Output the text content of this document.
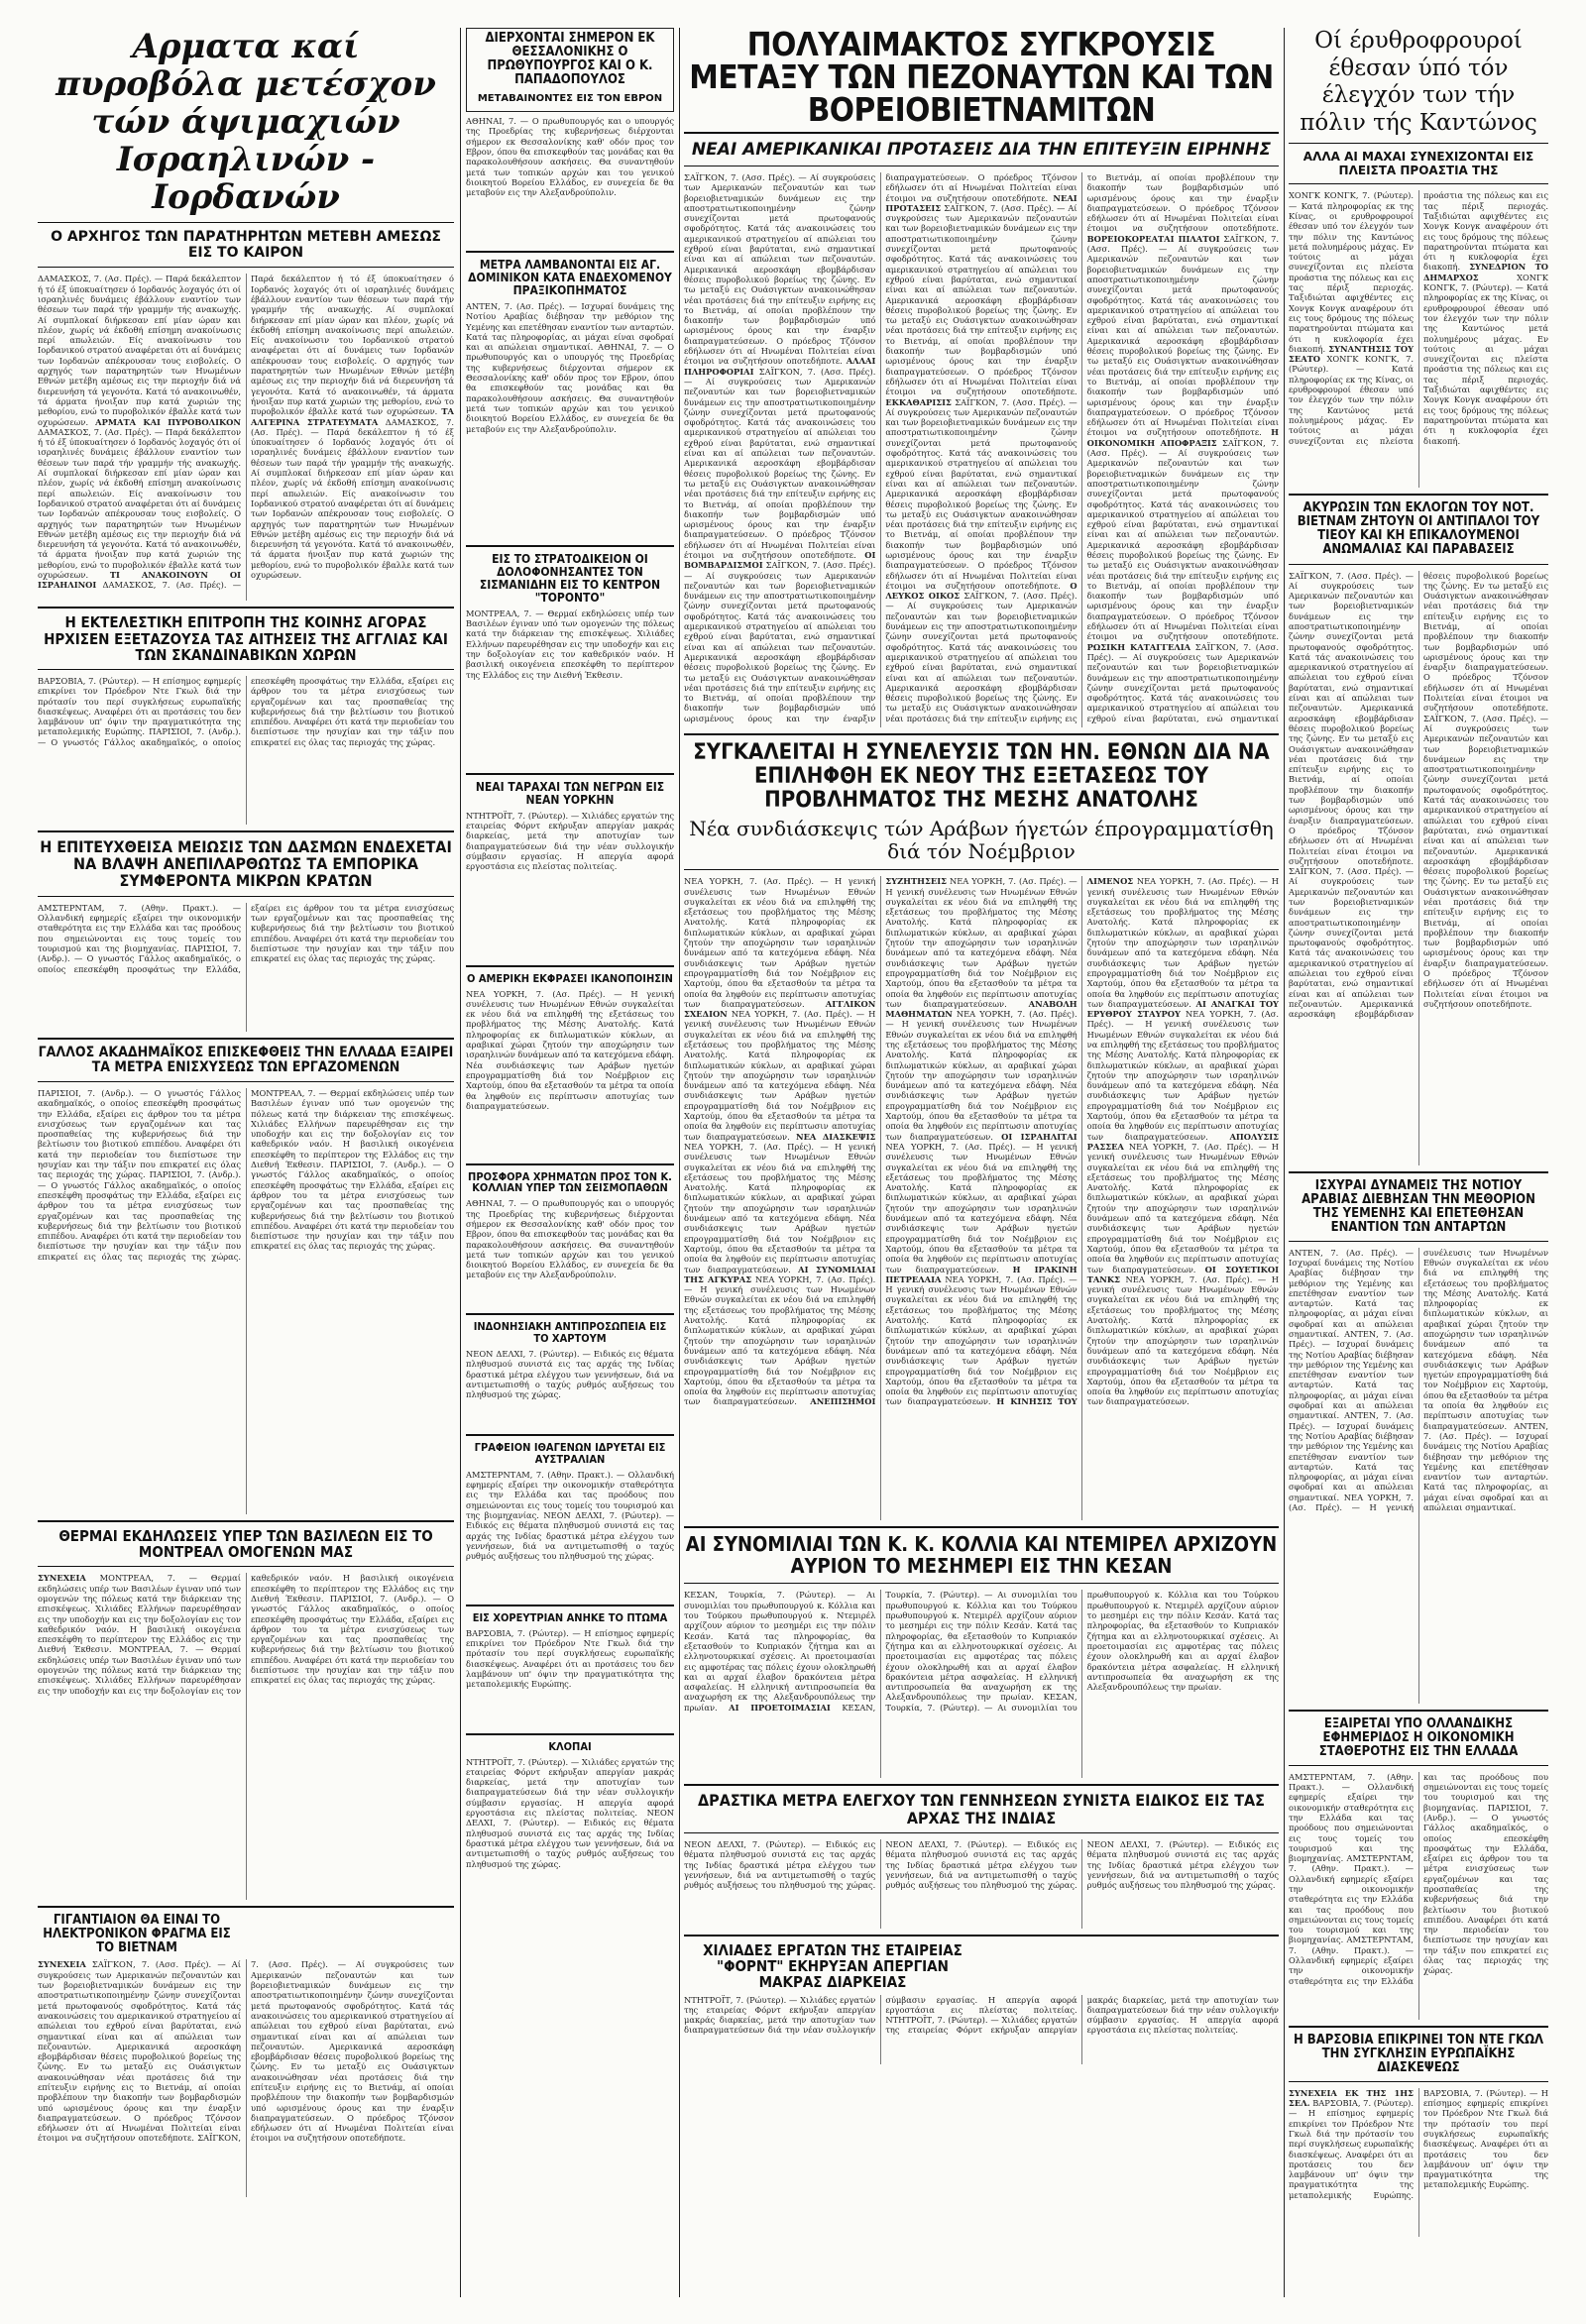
Αρματα καί πυροβόλα μετέσχον τών άψιμαχιών Ισραηλινών - Ιορδανών
Ο ΑΡΧΗΓΟΣ ΤΩΝ ΠΑΡΑΤΗΡΗΤΩΝ ΜΕΤΕΒΗ ΑΜΕΣΩΣ ΕΙΣ ΤΟ ΚΑΙΡΟΝ
ΔΑΜΑΣΚΟΣ, 7. (Ασ. Πρές). — Παρά δεκάλεπτον ή τό έξ ύποκυαίτησεν ό Ιορδανός λοχαγός ότι οί ισραηλινές δυνάμεις έβάλλουν εναντίον των θέσεων των παρά τήν γραμμήν τής ανακωχής. Αί συμπλοκαί διήρκεσαν επί μίαν ώραν και πλέον, χωρίς νά έκδοθή επίσημη ανακοίνωσις περί απωλειών. Είς ανακοίνωσιν του Ιορδανικού στρατού αναφέρεται ότι αί δυνάμεις των Ιορδανών απέκρουσαν τους εισβολείς. Ο αρχηγός των παρατηρητών των Ηνωμένων Εθνών μετέβη αμέσως εις την περιοχήν διά νά διερευνήση τά γεγονότα. Κατά τό ανακοινωθέν, τά άρματα ήνοιξαν πυρ κατά χωριών της μεθορίου, ενώ το πυροβολικόν έβαλλε κατά των οχυρώσεων. ΑΡΜΑΤΑ ΚΑΙ ΠΥΡΟΒΟΛΙΚΟΝ ΔΑΜΑΣΚΟΣ, 7. (Ασ. Πρές). — Παρά δεκάλεπτον ή τό έξ ύποκυαίτησεν ό Ιορδανός λοχαγός ότι οί ισραηλινές δυνάμεις έβάλλουν εναντίον των θέσεων των παρά τήν γραμμήν τής ανακωχής. Αί συμπλοκαί διήρκεσαν επί μίαν ώραν και πλέον, χωρίς νά έκδοθή επίσημη ανακοίνωσις περί απωλειών. Είς ανακοίνωσιν του Ιορδανικού στρατού αναφέρεται ότι αί δυνάμεις των Ιορδανών απέκρουσαν τους εισβολείς. Ο αρχηγός των παρατηρητών των Ηνωμένων Εθνών μετέβη αμέσως εις την περιοχήν διά νά διερευνήση τά γεγονότα. Κατά τό ανακοινωθέν, τά άρματα ήνοιξαν πυρ κατά χωριών της μεθορίου, ενώ το πυροβολικόν έβαλλε κατά των οχυρώσεων.	ΤΙ ΑΝΑΚΟΙΝΟΥΝ ΟΙ ΙΣΡΑΗΛΙΝΟΙ ΔΑΜΑΣΚΟΣ, 7. (Ασ. Πρές). — Παρά δεκάλεπτον ή τό έξ ύποκυαίτησεν ό Ιορδανός λοχαγός ότι οί ισραηλινές δυνάμεις έβάλλουν εναντίον των θέσεων των παρά τήν γραμμήν τής ανακωχής. Αί συμπλοκαί διήρκεσαν επί μίαν ώραν και πλέον, χωρίς νά έκδοθή επίσημη ανακοίνωσις περί απωλειών. Είς ανακοίνωσιν του Ιορδανικού στρατού αναφέρεται ότι αί δυνάμεις των Ιορδανών απέκρουσαν τους εισβολείς. Ο αρχηγός των παρατηρητών των Ηνωμένων Εθνών μετέβη αμέσως εις την περιοχήν διά νά διερευνήση τά γεγονότα. Κατά τό ανακοινωθέν, τά άρματα ήνοιξαν πυρ κατά χωριών της μεθορίου, ενώ το πυροβολικόν έβαλλε κατά των οχυρώσεων. ΤΑ ΑΛΓΕΡΙΝΑ ΣΤΡΑΤΕΥΜΑΤΑ ΔΑΜΑΣΚΟΣ, 7. (Ασ. Πρές). — Παρά δεκάλεπτον ή τό έξ ύποκυαίτησεν ό Ιορδανός λοχαγός ότι οί ισραηλινές δυνάμεις έβάλλουν εναντίον των θέσεων των παρά τήν γραμμήν τής ανακωχής. Αί συμπλοκαί διήρκεσαν επί μίαν ώραν και πλέον, χωρίς νά έκδοθή επίσημη ανακοίνωσις περί απωλειών. Είς ανακοίνωσιν του Ιορδανικού στρατού αναφέρεται ότι αί δυνάμεις των Ιορδανών απέκρουσαν τους εισβολείς. Ο αρχηγός των παρατηρητών των Ηνωμένων Εθνών μετέβη αμέσως εις την περιοχήν διά νά διερευνήση τά γεγονότα. Κατά τό ανακοινωθέν, τά άρματα ήνοιξαν πυρ κατά χωριών της μεθορίου, ενώ το πυροβολικόν έβαλλε κατά των οχυρώσεων.
Η ΕΚΤΕΛΕΣΤΙΚΗ ΕΠΙΤΡΟΠΗ ΤΗΣ ΚΟΙΝΗΣ ΑΓΟΡΑΣ ΗΡΧΙΣΕΝ ΕΞΕΤΑΖΟΥΣΑ ΤΑΣ ΑΙΤΗΣΕΙΣ ΤΗΣ ΑΓΓΛΙΑΣ ΚΑΙ ΤΩΝ ΣΚΑΝΔΙΝΑΒΙΚΩΝ ΧΩΡΩΝ
ΒΑΡΣΟΒΙΑ, 7. (Ρώυτερ). — Η επίσημος εφημερίς επικρίνει τον Πρόεδρον Ντε Γκωλ διά την πρότασίν του περί συγκλήσεως ευρωπαϊκής διασκέψεως. Αναφέρει ότι αι προτάσεις του δεν λαμβάνουν υπ' όψιν την πραγματικότητα της μεταπολεμικής Ευρώπης. ΠΑΡΙΣΙΟΙ, 7. (Ανδρ.). — Ο γνωστός Γάλλος ακαδημαϊκός, ο οποίος επεσκέφθη προσφάτως την Ελλάδα, εξαίρει εις άρθρον του τα μέτρα ενισχύσεως των εργαζομένων και τας προσπαθείας της κυβερνήσεως διά την βελτίωσιν του βιοτικού επιπέδου. Αναφέρει ότι κατά την περιοδείαν του διεπίστωσε την ησυχίαν και την τάξιν που επικρατεί εις όλας τας περιοχάς της χώρας.
Η ΕΠΙΤΕΥΧΘΕΙΣΑ ΜΕΙΩΣΙΣ ΤΩΝ ΔΑΣΜΩΝ ΕΝΔΕΧΕΤΑΙ ΝΑ ΒΛΑΨΗ ΑΝΕΠΙΛΑΡΘΩΤΩΣ ΤΑ ΕΜΠΟΡΙΚΑ ΣΥΜΦΕΡΟΝΤΑ ΜΙΚΡΩΝ ΚΡΑΤΩΝ
ΑΜΣΤΕΡΝΤΑΜ, 7. (Αθην. Πρακτ.). — Ολλανδική εφημερίς εξαίρει την οικονομικήν σταθερότητα εις την Ελλάδα και τας προόδους που σημειώνονται εις τους τομείς του τουρισμού και της βιομηχανίας. ΠΑΡΙΣΙΟΙ, 7. (Ανδρ.). — Ο γνωστός Γάλλος ακαδημαϊκός, ο οποίος επεσκέφθη προσφάτως την Ελλάδα, εξαίρει εις άρθρον του τα μέτρα ενισχύσεως των εργαζομένων και τας προσπαθείας της κυβερνήσεως διά την βελτίωσιν του βιοτικού επιπέδου. Αναφέρει ότι κατά την περιοδείαν του διεπίστωσε την ησυχίαν και την τάξιν που επικρατεί εις όλας τας περιοχάς της χώρας.
ΓΑΛΛΟΣ ΑΚΑΔΗΜΑΪΚΟΣ ΕΠΙΣΚΕΦΘΕΙΣ ΤΗΝ ΕΛΛΑΔΑ ΕΞΑΙΡΕΙ ΤΑ ΜΕΤΡΑ ΕΝΙΣΧΥΣΕΩΣ ΤΩΝ ΕΡΓΑΖΟΜΕΝΩΝ
ΠΑΡΙΣΙΟΙ, 7. (Ανδρ.). — Ο γνωστός Γάλλος ακαδημαϊκός, ο οποίος επεσκέφθη προσφάτως την Ελλάδα, εξαίρει εις άρθρον του τα μέτρα ενισχύσεως των εργαζομένων και τας προσπαθείας της κυβερνήσεως διά την βελτίωσιν του βιοτικού επιπέδου. Αναφέρει ότι κατά την περιοδείαν του διεπίστωσε την ησυχίαν και την τάξιν που επικρατεί εις όλας τας περιοχάς της χώρας. ΠΑΡΙΣΙΟΙ, 7. (Ανδρ.). — Ο γνωστός Γάλλος ακαδημαϊκός, ο οποίος επεσκέφθη προσφάτως την Ελλάδα, εξαίρει εις άρθρον του τα μέτρα ενισχύσεως των εργαζομένων και τας προσπαθείας της κυβερνήσεως διά την βελτίωσιν του βιοτικού επιπέδου. Αναφέρει ότι κατά την περιοδείαν του διεπίστωσε την ησυχίαν και την τάξιν που επικρατεί εις όλας τας περιοχάς της χώρας. ΜΟΝΤΡΕΑΛ, 7. — Θερμαί εκδηλώσεις υπέρ των Βασιλέων έγιναν υπό των ομογενών της πόλεως κατά την διάρκειαν της επισκέψεως. Χιλιάδες Ελλήνων παρευρέθησαν εις την υποδοχήν και εις την δοξολογίαν εις τον καθεδρικόν ναόν. Η βασιλική οικογένεια επεσκέφθη το περίπτερον της Ελλάδος εις την Διεθνή Έκθεσιν. ΠΑΡΙΣΙΟΙ, 7. (Ανδρ.). — Ο γνωστός Γάλλος ακαδημαϊκός, ο οποίος επεσκέφθη προσφάτως την Ελλάδα, εξαίρει εις άρθρον του τα μέτρα ενισχύσεως των εργαζομένων και τας προσπαθείας της κυβερνήσεως διά την βελτίωσιν του βιοτικού επιπέδου. Αναφέρει ότι κατά την περιοδείαν του διεπίστωσε την ησυχίαν και την τάξιν που επικρατεί εις όλας τας περιοχάς της χώρας.
ΘΕΡΜΑΙ ΕΚΔΗΛΩΣΕΙΣ ΥΠΕΡ ΤΩΝ ΒΑΣΙΛΕΩΝ ΕΙΣ ΤΟ ΜΟΝΤΡΕΑΛ ΟΜΟΓΕΝΩΝ ΜΑΣ
ΣΥΝΕΧΕΙΑ ΜΟΝΤΡΕΑΛ, 7. — Θερμαί εκδηλώσεις υπέρ των Βασιλέων έγιναν υπό των ομογενών της πόλεως κατά την διάρκειαν της επισκέψεως. Χιλιάδες Ελλήνων παρευρέθησαν εις την υποδοχήν και εις την δοξολογίαν εις τον καθεδρικόν ναόν. Η βασιλική οικογένεια επεσκέφθη το περίπτερον της Ελλάδος εις την Διεθνή Έκθεσιν. ΜΟΝΤΡΕΑΛ, 7. — Θερμαί εκδηλώσεις υπέρ των Βασιλέων έγιναν υπό των ομογενών της πόλεως κατά την διάρκειαν της επισκέψεως. Χιλιάδες Ελλήνων παρευρέθησαν εις την υποδοχήν και εις την δοξολογίαν εις τον καθεδρικόν ναόν. Η βασιλική οικογένεια επεσκέφθη το περίπτερον της Ελλάδος εις την Διεθνή Έκθεσιν. ΠΑΡΙΣΙΟΙ, 7. (Ανδρ.). — Ο γνωστός Γάλλος ακαδημαϊκός, ο οποίος επεσκέφθη προσφάτως την Ελλάδα, εξαίρει εις άρθρον του τα μέτρα ενισχύσεως των εργαζομένων και τας προσπαθείας της κυβερνήσεως διά την βελτίωσιν του βιοτικού επιπέδου. Αναφέρει ότι κατά την περιοδείαν του διεπίστωσε την ησυχίαν και την τάξιν που επικρατεί εις όλας τας περιοχάς της χώρας.
ΓΙΓΑΝΤΙΑΙΟΝ ΘΑ ΕΙΝΑΙ ΤΟ ΗΛΕΚΤΡΟΝΙΚΟΝ ΦΡΑΓΜΑ ΕΙΣ ΤΟ ΒΙΕΤΝΑΜ
ΣΥΝΕΧΕΙΑ ΣΑΪΓΚΟΝ, 7. (Ασσ. Πρές). — Αί συγκρούσεις των Αμερικανών πεζοναυτών και των βορειοβιετναμικών δυνάμεων εις την αποστρατιωτικοποιημένην ζώνην συνεχίζονται μετά πρωτοφανούς σφοδρότητος. Κατά τάς ανακοινώσεις του αμερικανικού στρατηγείου αί απώλειαι του εχθρού είναι βαρύταται, ενώ σημαντικαί είναι και αί απώλειαι των πεζοναυτών. Αμερικανικά αεροσκάφη εβομβάρδισαν θέσεις πυροβολικού βορείως της ζώνης. Εν τω μεταξύ εις Ουάσιγκτων ανακοινώθησαν νέαι προτάσεις διά την επίτευξιν ειρήνης εις το Βιετνάμ, αί οποίαι προβλέπουν την διακοπήν των βομβαρδισμών υπό ωρισμένους όρους και την έναρξιν διαπραγματεύσεων. Ο πρόεδρος Τζόνσον εδήλωσεν ότι αί Ηνωμέναι Πολιτείαι είναι έτοιμοι να συζητήσουν οποτεδήποτε. ΣΑΪΓΚΟΝ, 7. (Ασσ. Πρές). — Αί συγκρούσεις των Αμερικανών πεζοναυτών και των βορειοβιετναμικών δυνάμεων εις την αποστρατιωτικοποιημένην ζώνην συνεχίζονται μετά πρωτοφανούς σφοδρότητος. Κατά τάς ανακοινώσεις του αμερικανικού στρατηγείου αί απώλειαι του εχθρού είναι βαρύταται, ενώ σημαντικαί είναι και αί απώλειαι των πεζοναυτών. Αμερικανικά αεροσκάφη εβομβάρδισαν θέσεις πυροβολικού βορείως της ζώνης. Εν τω μεταξύ εις Ουάσιγκτων ανακοινώθησαν νέαι προτάσεις διά την επίτευξιν ειρήνης εις το Βιετνάμ, αί οποίαι προβλέπουν την διακοπήν των βομβαρδισμών υπό ωρισμένους όρους και την έναρξιν διαπραγματεύσεων. Ο πρόεδρος Τζόνσον εδήλωσεν ότι αί Ηνωμέναι Πολιτείαι είναι έτοιμοι να συζητήσουν οποτεδήποτε.
ΔΙΕΡΧΟΝΤΑΙ ΣΗΜΕΡΟΝ ΕΚ ΘΕΣΣΑΛΟΝΙΚΗΣ Ο ΠΡΩΘΥΠΟΥΡΓΟΣ ΚΑΙ Ο Κ. ΠΑΠΑΔΟΠΟΥΛΟΣ
ΜΕΤΑΒΑΙΝΟΝΤΕΣ ΕΙΣ ΤΟΝ ΕΒΡΟΝ
ΑΘΗΝΑΙ, 7. — Ο πρωθυπουργός και ο υπουργός της Προεδρίας της κυβερνήσεως διέρχονται σήμερον εκ Θεσσαλονίκης καθ' οδόν προς τον Εβρον, όπου θα επισκεφθούν τας μονάδας και θα παρακολουθήσουν ασκήσεις. Θα συναντηθούν μετά των τοπικών αρχών και του γενικού διοικητού Βορείου Ελλάδος, εν συνεχεία δε θα μεταβούν εις την Αλεξανδρούπολιν.
ΜΕΤΡΑ ΛΑΜΒΑΝΟΝΤΑΙ ΕΙΣ ΑΓ. ΔΟΜΙΝΙΚΟΝ ΚΑΤΑ ΕΝΔΕΧΟΜΕΝΟΥ ΠΡΑΞΙΚΟΠΗΜΑΤΟΣ
ΑΝΤΕΝ, 7. (Ασ. Πρές). — Ισχυραί δυνάμεις της Νοτίου Αραβίας διέβησαν την μεθόριον της Υεμένης και επετέθησαν εναντίον των ανταρτών. Κατά τας πληροφορίας, αι μάχαι είναι σφοδραί και αι απώλειαι σημαντικαί. ΑΘΗΝΑΙ, 7. — Ο πρωθυπουργός και ο υπουργός της Προεδρίας της κυβερνήσεως διέρχονται σήμερον εκ Θεσσαλονίκης καθ' οδόν προς τον Εβρον, όπου θα επισκεφθούν τας μονάδας και θα παρακολουθήσουν ασκήσεις. Θα συναντηθούν μετά των τοπικών αρχών και του γενικού διοικητού Βορείου Ελλάδος, εν συνεχεία δε θα μεταβούν εις την Αλεξανδρούπολιν.
ΕΙΣ ΤΟ ΣΤΡΑΤΟΔΙΚΕΙΟΝ ΟΙ ΔΟΛΟΦΟΝΗΣΑΝΤΕΣ ΤΟΝ ΣΙΣΜΑΝΙΔΗΝ ΕΙΣ ΤΟ ΚΕΝΤΡΟΝ "ΤΟΡΟΝΤΟ"
ΜΟΝΤΡΕΑΛ, 7. — Θερμαί εκδηλώσεις υπέρ των Βασιλέων έγιναν υπό των ομογενών της πόλεως κατά την διάρκειαν της επισκέψεως. Χιλιάδες Ελλήνων παρευρέθησαν εις την υποδοχήν και εις την δοξολογίαν εις τον καθεδρικόν ναόν. Η βασιλική οικογένεια επεσκέφθη το περίπτερον της Ελλάδος εις την Διεθνή Έκθεσιν.
ΝΕΑΙ ΤΑΡΑΧΑΙ ΤΩΝ ΝΕΓΡΩΝ ΕΙΣ ΝΕΑΝ ΥΟΡΚΗΝ
ΝΤΗΤΡΟΪΤ, 7. (Ρώυτερ). — Χιλιάδες εργατών της εταιρείας Φόρντ εκήρυξαν απεργίαν μακράς διαρκείας, μετά την αποτυχίαν των διαπραγματεύσεων διά την νέαν συλλογικήν σύμβασιν εργασίας. Η απεργία αφορά εργοστάσια εις πλείστας πολιτείας.
Ο ΑΜΕΡΙΚΗ ΕΚΦΡΑΣΕΙ ΙΚΑΝΟΠΟΙΗΣΙΝ
ΝΕΑ ΥΟΡΚΗ, 7. (Ασ. Πρές). — Η γενική συνέλευσις των Ηνωμένων Εθνών συγκαλείται εκ νέου διά να επιληφθή της εξετάσεως του προβλήματος της Μέσης Ανατολής. Κατά πληροφορίας εκ διπλωματικών κύκλων, αι αραβικαί χώραι ζητούν την αποχώρησιν των ισραηλινών δυνάμεων από τα κατεχόμενα εδάφη. Νέα συνδιάσκεψις των Αράβων ηγετών επρογραμματίσθη διά τον Νοέμβριον εις Χαρτούμ, όπου θα εξετασθούν τα μέτρα τα οποία θα ληφθούν εις περίπτωσιν αποτυχίας των διαπραγματεύσεων.
ΠΡΟΣΦΟΡΑ ΧΡΗΜΑΤΩΝ ΠΡΟΣ ΤΟΝ Κ. ΚΟΛΛΙΑΝ ΥΠΕΡ ΤΩΝ ΣΕΙΣΜΟΠΑΘΩΝ
ΑΘΗΝΑΙ, 7. — Ο πρωθυπουργός και ο υπουργός της Προεδρίας της κυβερνήσεως διέρχονται σήμερον εκ Θεσσαλονίκης καθ' οδόν προς τον Εβρον, όπου θα επισκεφθούν τας μονάδας και θα παρακολουθήσουν ασκήσεις. Θα συναντηθούν μετά των τοπικών αρχών και του γενικού διοικητού Βορείου Ελλάδος, εν συνεχεία δε θα μεταβούν εις την Αλεξανδρούπολιν.
ΙΝΔΟΝΗΣΙΑΚΗ ΑΝΤΙΠΡΟΣΩΠΕΙΑ ΕΙΣ ΤΟ ΧΑΡΤΟΥΜ
ΝΕΟΝ ΔΕΛΧΙ, 7. (Ρώυτερ). — Ειδικός εις θέματα πληθυσμού συνιστά εις τας αρχάς της Ινδίας δραστικά μέτρα ελέγχου των γεννήσεων, διά να αντιμετωπισθή ο ταχύς ρυθμός αυξήσεως του πληθυσμού της χώρας.
ΓΡΑΦΕΙΟΝ ΙΘΑΓΕΝΩΝ ΙΔΡΥΕΤΑΙ ΕΙΣ ΑΥΣΤΡΑΛΙΑΝ
ΑΜΣΤΕΡΝΤΑΜ, 7. (Αθην. Πρακτ.). — Ολλανδική εφημερίς εξαίρει την οικονομικήν σταθερότητα εις την Ελλάδα και τας προόδους που σημειώνονται εις τους τομείς του τουρισμού και της βιομηχανίας. ΝΕΟΝ ΔΕΛΧΙ, 7. (Ρώυτερ). — Ειδικός εις θέματα πληθυσμού συνιστά εις τας αρχάς της Ινδίας δραστικά μέτρα ελέγχου των γεννήσεων, διά να αντιμετωπισθή ο ταχύς ρυθμός αυξήσεως του πληθυσμού της χώρας.
ΕΙΣ ΧΟΡΕΥΤΡΙΑΝ ΑΝΗΚΕ ΤΟ ΠΤΩΜΑ
ΒΑΡΣΟΒΙΑ, 7. (Ρώυτερ). — Η επίσημος εφημερίς επικρίνει τον Πρόεδρον Ντε Γκωλ διά την πρότασίν του περί συγκλήσεως ευρωπαϊκής διασκέψεως. Αναφέρει ότι αι προτάσεις του δεν λαμβάνουν υπ' όψιν την πραγματικότητα της μεταπολεμικής Ευρώπης.
ΚΛΟΠΑΙ
ΝΤΗΤΡΟΪΤ, 7. (Ρώυτερ). — Χιλιάδες εργατών της εταιρείας Φόρντ εκήρυξαν απεργίαν μακράς διαρκείας, μετά την αποτυχίαν των διαπραγματεύσεων διά την νέαν συλλογικήν σύμβασιν εργασίας. Η απεργία αφορά εργοστάσια εις πλείστας πολιτείας. ΝΕΟΝ ΔΕΛΧΙ, 7. (Ρώυτερ). — Ειδικός εις θέματα πληθυσμού συνιστά εις τας αρχάς της Ινδίας δραστικά μέτρα ελέγχου των γεννήσεων, διά να αντιμετωπισθή ο ταχύς ρυθμός αυξήσεως του πληθυσμού της χώρας.
ΠΟΛΥΑΙΜΑΚΤΟΣ ΣΥΓΚΡΟΥΣΙΣ ΜΕΤΑΞΥ ΤΩΝ ΠΕΖΟΝΑΥΤΩΝ ΚΑΙ ΤΩΝ ΒΟΡΕΙΟΒΙΕΤΝΑΜΙΤΩΝ
ΝΕΑΙ ΑΜΕΡΙΚΑΝΙΚΑΙ ΠΡΟΤΑΣΕΙΣ ΔΙΑ ΤΗΝ ΕΠΙΤΕΥΞΙΝ ΕΙΡΗΝΗΣ
ΣΑΪΓΚΟΝ, 7. (Ασσ. Πρές). — Αί συγκρούσεις των Αμερικανών πεζοναυτών και των βορειοβιετναμικών δυνάμεων εις την αποστρατιωτικοποιημένην ζώνην συνεχίζονται μετά πρωτοφανούς σφοδρότητος. Κατά τάς ανακοινώσεις του αμερικανικού στρατηγείου αί απώλειαι του εχθρού είναι βαρύταται, ενώ σημαντικαί είναι και αί απώλειαι των πεζοναυτών. Αμερικανικά αεροσκάφη εβομβάρδισαν θέσεις πυροβολικού βορείως της ζώνης. Εν τω μεταξύ εις Ουάσιγκτων ανακοινώθησαν νέαι προτάσεις διά την επίτευξιν ειρήνης εις το Βιετνάμ, αί οποίαι προβλέπουν την διακοπήν των βομβαρδισμών υπό ωρισμένους όρους και την έναρξιν διαπραγματεύσεων. Ο πρόεδρος Τζόνσον εδήλωσεν ότι αί Ηνωμέναι Πολιτείαι είναι έτοιμοι να συζητήσουν οποτεδήποτε. ΑΛΛΑΙ ΠΛΗΡΟΦΟΡΙΑΙ ΣΑΪΓΚΟΝ, 7. (Ασσ. Πρές). — Αί συγκρούσεις των Αμερικανών πεζοναυτών και των βορειοβιετναμικών δυνάμεων εις την αποστρατιωτικοποιημένην ζώνην συνεχίζονται μετά πρωτοφανούς σφοδρότητος. Κατά τάς ανακοινώσεις του αμερικανικού στρατηγείου αί απώλειαι του εχθρού είναι βαρύταται, ενώ σημαντικαί είναι και αί απώλειαι των πεζοναυτών. Αμερικανικά αεροσκάφη εβομβάρδισαν θέσεις πυροβολικού βορείως της ζώνης. Εν τω μεταξύ εις Ουάσιγκτων ανακοινώθησαν νέαι προτάσεις διά την επίτευξιν ειρήνης εις το Βιετνάμ, αί οποίαι προβλέπουν την διακοπήν των βομβαρδισμών υπό ωρισμένους όρους και την έναρξιν διαπραγματεύσεων. Ο πρόεδρος Τζόνσον εδήλωσεν ότι αί Ηνωμέναι Πολιτείαι είναι έτοιμοι να συζητήσουν οποτεδήποτε. ΟΙ ΒΟΜΒΑΡΔΙΣΜΟΙ ΣΑΪΓΚΟΝ, 7. (Ασσ. Πρές). — Αί συγκρούσεις των Αμερικανών πεζοναυτών και των βορειοβιετναμικών δυνάμεων εις την αποστρατιωτικοποιημένην ζώνην συνεχίζονται μετά πρωτοφανούς σφοδρότητος. Κατά τάς ανακοινώσεις του αμερικανικού στρατηγείου αί απώλειαι του εχθρού είναι βαρύταται, ενώ σημαντικαί είναι και αί απώλειαι των πεζοναυτών. Αμερικανικά αεροσκάφη εβομβάρδισαν θέσεις πυροβολικού βορείως της ζώνης. Εν τω μεταξύ εις Ουάσιγκτων ανακοινώθησαν νέαι προτάσεις διά την επίτευξιν ειρήνης εις το Βιετνάμ, αί οποίαι προβλέπουν την διακοπήν των βομβαρδισμών υπό ωρισμένους όρους και την έναρξιν διαπραγματεύσεων. Ο πρόεδρος Τζόνσον εδήλωσεν ότι αί Ηνωμέναι Πολιτείαι είναι έτοιμοι να συζητήσουν οποτεδήποτε. ΝΕΑΙ ΠΡΟΤΑΣΕΙΣ ΣΑΪΓΚΟΝ, 7. (Ασσ. Πρές). — Αί συγκρούσεις των Αμερικανών πεζοναυτών και των βορειοβιετναμικών δυνάμεων εις την αποστρατιωτικοποιημένην ζώνην συνεχίζονται μετά πρωτοφανούς σφοδρότητος. Κατά τάς ανακοινώσεις του αμερικανικού στρατηγείου αί απώλειαι του εχθρού είναι βαρύταται, ενώ σημαντικαί είναι και αί απώλειαι των πεζοναυτών. Αμερικανικά αεροσκάφη εβομβάρδισαν θέσεις πυροβολικού βορείως της ζώνης. Εν τω μεταξύ εις Ουάσιγκτων ανακοινώθησαν νέαι προτάσεις διά την επίτευξιν ειρήνης εις το Βιετνάμ, αί οποίαι προβλέπουν την διακοπήν των βομβαρδισμών υπό ωρισμένους όρους και την έναρξιν διαπραγματεύσεων. Ο πρόεδρος Τζόνσον εδήλωσεν ότι αί Ηνωμέναι Πολιτείαι είναι έτοιμοι να συζητήσουν οποτεδήποτε. ΕΚΚΑΘΑΡΙΣΙΣ ΣΑΪΓΚΟΝ, 7. (Ασσ. Πρές). — Αί συγκρούσεις των Αμερικανών πεζοναυτών και των βορειοβιετναμικών δυνάμεων εις την αποστρατιωτικοποιημένην ζώνην συνεχίζονται μετά πρωτοφανούς σφοδρότητος. Κατά τάς ανακοινώσεις του αμερικανικού στρατηγείου αί απώλειαι του εχθρού είναι βαρύταται, ενώ σημαντικαί είναι και αί απώλειαι των πεζοναυτών. Αμερικανικά αεροσκάφη εβομβάρδισαν θέσεις πυροβολικού βορείως της ζώνης. Εν τω μεταξύ εις Ουάσιγκτων ανακοινώθησαν νέαι προτάσεις διά την επίτευξιν ειρήνης εις το Βιετνάμ, αί οποίαι προβλέπουν την διακοπήν των βομβαρδισμών υπό ωρισμένους όρους και την έναρξιν διαπραγματεύσεων. Ο πρόεδρος Τζόνσον εδήλωσεν ότι αί Ηνωμέναι Πολιτείαι είναι έτοιμοι να συζητήσουν οποτεδήποτε. Ο ΛΕΥΚΟΣ ΟΙΚΟΣ ΣΑΪΓΚΟΝ, 7. (Ασσ. Πρές). — Αί συγκρούσεις των Αμερικανών πεζοναυτών και των βορειοβιετναμικών δυνάμεων εις την αποστρατιωτικοποιημένην ζώνην συνεχίζονται μετά πρωτοφανούς σφοδρότητος. Κατά τάς ανακοινώσεις του αμερικανικού στρατηγείου αί απώλειαι του εχθρού είναι βαρύταται, ενώ σημαντικαί είναι και αί απώλειαι των πεζοναυτών. Αμερικανικά αεροσκάφη εβομβάρδισαν θέσεις πυροβολικού βορείως της ζώνης. Εν τω μεταξύ εις Ουάσιγκτων ανακοινώθησαν νέαι προτάσεις διά την επίτευξιν ειρήνης εις το Βιετνάμ, αί οποίαι προβλέπουν την διακοπήν των βομβαρδισμών υπό ωρισμένους όρους και την έναρξιν διαπραγματεύσεων. Ο πρόεδρος Τζόνσον εδήλωσεν ότι αί Ηνωμέναι Πολιτείαι είναι έτοιμοι να συζητήσουν οποτεδήποτε. ΒΟΡΕΙΟΚΟΡΕΑΤΑΙ ΠΙΛΑΤΟΙ ΣΑΪΓΚΟΝ, 7. (Ασσ. Πρές). — Αί συγκρούσεις των Αμερικανών πεζοναυτών και των βορειοβιετναμικών δυνάμεων εις την αποστρατιωτικοποιημένην ζώνην συνεχίζονται μετά πρωτοφανούς σφοδρότητος. Κατά τάς ανακοινώσεις του αμερικανικού στρατηγείου αί απώλειαι του εχθρού είναι βαρύταται, ενώ σημαντικαί είναι και αί απώλειαι των πεζοναυτών. Αμερικανικά αεροσκάφη εβομβάρδισαν θέσεις πυροβολικού βορείως της ζώνης. Εν τω μεταξύ εις Ουάσιγκτων ανακοινώθησαν νέαι προτάσεις διά την επίτευξιν ειρήνης εις το Βιετνάμ, αί οποίαι προβλέπουν την διακοπήν των βομβαρδισμών υπό ωρισμένους όρους και την έναρξιν διαπραγματεύσεων. Ο πρόεδρος Τζόνσον εδήλωσεν ότι αί Ηνωμέναι Πολιτείαι είναι έτοιμοι να συζητήσουν οποτεδήποτε. Η ΟΙΚΟΝΟΜΙΚΗ ΑΠΟΦΡΑΞΙΣ ΣΑΪΓΚΟΝ, 7. (Ασσ. Πρές). — Αί συγκρούσεις των Αμερικανών πεζοναυτών και των βορειοβιετναμικών δυνάμεων εις την αποστρατιωτικοποιημένην ζώνην συνεχίζονται μετά πρωτοφανούς σφοδρότητος. Κατά τάς ανακοινώσεις του αμερικανικού στρατηγείου αί απώλειαι του εχθρού είναι βαρύταται, ενώ σημαντικαί είναι και αί απώλειαι των πεζοναυτών. Αμερικανικά αεροσκάφη εβομβάρδισαν θέσεις πυροβολικού βορείως της ζώνης. Εν τω μεταξύ εις Ουάσιγκτων ανακοινώθησαν νέαι προτάσεις διά την επίτευξιν ειρήνης εις το Βιετνάμ, αί οποίαι προβλέπουν την διακοπήν των βομβαρδισμών υπό ωρισμένους όρους και την έναρξιν διαπραγματεύσεων. Ο πρόεδρος Τζόνσον εδήλωσεν ότι αί Ηνωμέναι Πολιτείαι είναι έτοιμοι να συζητήσουν οποτεδήποτε. ΡΩΣΙΚΗ ΚΑΤΑΓΓΕΛΙΑ ΣΑΪΓΚΟΝ, 7. (Ασσ. Πρές). — Αί συγκρούσεις των Αμερικανών πεζοναυτών και των βορειοβιετναμικών δυνάμεων εις την αποστρατιωτικοποιημένην ζώνην συνεχίζονται μετά πρωτοφανούς σφοδρότητος. Κατά τάς ανακοινώσεις του αμερικανικού στρατηγείου αί απώλειαι του εχθρού είναι βαρύταται, ενώ σημαντικαί
ΣΥΓΚΑΛΕΙΤΑΙ Η ΣΥΝΕΛΕΥΣΙΣ ΤΩΝ ΗΝ. ΕΘΝΩΝ ΔΙΑ ΝΑ ΕΠΙΛΗΦΘΗ ΕΚ ΝΕΟΥ ΤΗΣ ΕΞΕΤΑΣΕΩΣ ΤΟΥ ΠΡΟΒΛΗΜΑΤΟΣ ΤΗΣ ΜΕΣΗΣ ΑΝΑΤΟΛΗΣ
Νέα συνδιάσκεψις τών Αράβων ήγετών έπρογραμματίσθη διά τόν Νοέμβριον
ΝΕΑ ΥΟΡΚΗ, 7. (Ασ. Πρές). — Η γενική συνέλευσις των Ηνωμένων Εθνών συγκαλείται εκ νέου διά να επιληφθή της εξετάσεως του προβλήματος της Μέσης Ανατολής. Κατά πληροφορίας εκ διπλωματικών κύκλων, αι αραβικαί χώραι ζητούν την αποχώρησιν των ισραηλινών δυνάμεων από τα κατεχόμενα εδάφη. Νέα συνδιάσκεψις των Αράβων ηγετών επρογραμματίσθη διά τον Νοέμβριον εις Χαρτούμ, όπου θα εξετασθούν τα μέτρα τα οποία θα ληφθούν εις περίπτωσιν αποτυχίας των διαπραγματεύσεων.	ΑΓΓΛΙΚΟΝ ΣΧΕΔΙΟΝ ΝΕΑ ΥΟΡΚΗ, 7. (Ασ. Πρές). — Η γενική συνέλευσις των Ηνωμένων Εθνών συγκαλείται εκ νέου διά να επιληφθή της εξετάσεως του προβλήματος της Μέσης Ανατολής. Κατά πληροφορίας εκ διπλωματικών κύκλων, αι αραβικαί χώραι ζητούν την αποχώρησιν των ισραηλινών δυνάμεων από τα κατεχόμενα εδάφη. Νέα συνδιάσκεψις των Αράβων ηγετών επρογραμματίσθη διά τον Νοέμβριον εις Χαρτούμ, όπου θα εξετασθούν τα μέτρα τα οποία θα ληφθούν εις περίπτωσιν αποτυχίας των διαπραγματεύσεων. ΝΕΑ ΔΙΑΣΚΕΨΙΣ ΝΕΑ ΥΟΡΚΗ, 7. (Ασ. Πρές). — Η γενική συνέλευσις των Ηνωμένων Εθνών συγκαλείται εκ νέου διά να επιληφθή της εξετάσεως του προβλήματος της Μέσης Ανατολής. Κατά πληροφορίας εκ διπλωματικών κύκλων, αι αραβικαί χώραι ζητούν την αποχώρησιν των ισραηλινών δυνάμεων από τα κατεχόμενα εδάφη. Νέα συνδιάσκεψις των Αράβων ηγετών επρογραμματίσθη διά τον Νοέμβριον εις Χαρτούμ, όπου θα εξετασθούν τα μέτρα τα οποία θα ληφθούν εις περίπτωσιν αποτυχίας των διαπραγματεύσεων. ΑΙ ΣΥΝΟΜΙΛΙΑΙ ΤΗΣ ΑΓΚΥΡΑΣ ΝΕΑ ΥΟΡΚΗ, 7. (Ασ. Πρές). — Η γενική συνέλευσις των Ηνωμένων Εθνών συγκαλείται εκ νέου διά να επιληφθή της εξετάσεως του προβλήματος της Μέσης Ανατολής. Κατά πληροφορίας εκ διπλωματικών κύκλων, αι αραβικαί χώραι ζητούν την αποχώρησιν των ισραηλινών δυνάμεων από τα κατεχόμενα εδάφη. Νέα συνδιάσκεψις των Αράβων ηγετών επρογραμματίσθη διά τον Νοέμβριον εις Χαρτούμ, όπου θα εξετασθούν τα μέτρα τα οποία θα ληφθούν εις περίπτωσιν αποτυχίας των διαπραγματεύσεων. ΑΝΕΠΙΣΗΜΟΙ ΣΥΖΗΤΗΣΕΙΣ ΝΕΑ ΥΟΡΚΗ, 7. (Ασ. Πρές). — Η γενική συνέλευσις των Ηνωμένων Εθνών συγκαλείται εκ νέου διά να επιληφθή της εξετάσεως του προβλήματος της Μέσης Ανατολής. Κατά πληροφορίας εκ διπλωματικών κύκλων, αι αραβικαί χώραι ζητούν την αποχώρησιν των ισραηλινών δυνάμεων από τα κατεχόμενα εδάφη. Νέα συνδιάσκεψις των Αράβων ηγετών επρογραμματίσθη διά τον Νοέμβριον εις Χαρτούμ, όπου θα εξετασθούν τα μέτρα τα οποία θα ληφθούν εις περίπτωσιν αποτυχίας των διαπραγματεύσεων.	ΑΝΑΒΟΛΗ ΜΑΘΗΜΑΤΩΝ ΝΕΑ ΥΟΡΚΗ, 7. (Ασ. Πρές). — Η γενική συνέλευσις των Ηνωμένων Εθνών συγκαλείται εκ νέου διά να επιληφθή της εξετάσεως του προβλήματος της Μέσης Ανατολής. Κατά πληροφορίας εκ διπλωματικών κύκλων, αι αραβικαί χώραι ζητούν την αποχώρησιν των ισραηλινών δυνάμεων από τα κατεχόμενα εδάφη. Νέα συνδιάσκεψις των Αράβων ηγετών επρογραμματίσθη διά τον Νοέμβριον εις Χαρτούμ, όπου θα εξετασθούν τα μέτρα τα οποία θα ληφθούν εις περίπτωσιν αποτυχίας των διαπραγματεύσεων. ΟΙ ΙΣΡΑΗΛΙΤΑΙ ΝΕΑ ΥΟΡΚΗ, 7. (Ασ. Πρές). — Η γενική συνέλευσις των Ηνωμένων Εθνών συγκαλείται εκ νέου διά να επιληφθή της εξετάσεως του προβλήματος της Μέσης Ανατολής. Κατά πληροφορίας εκ διπλωματικών κύκλων, αι αραβικαί χώραι ζητούν την αποχώρησιν των ισραηλινών δυνάμεων από τα κατεχόμενα εδάφη. Νέα συνδιάσκεψις των Αράβων ηγετών επρογραμματίσθη διά τον Νοέμβριον εις Χαρτούμ, όπου θα εξετασθούν τα μέτρα τα οποία θα ληφθούν εις περίπτωσιν αποτυχίας των διαπραγματεύσεων. Η ΙΡΑΚΙΝΗ ΠΕΤΡΕΛΑΙΑ ΝΕΑ ΥΟΡΚΗ, 7. (Ασ. Πρές). — Η γενική συνέλευσις των Ηνωμένων Εθνών συγκαλείται εκ νέου διά να επιληφθή της εξετάσεως του προβλήματος της Μέσης Ανατολής. Κατά πληροφορίας εκ διπλωματικών κύκλων, αι αραβικαί χώραι ζητούν την αποχώρησιν των ισραηλινών δυνάμεων από τα κατεχόμενα εδάφη. Νέα συνδιάσκεψις των Αράβων ηγετών επρογραμματίσθη διά τον Νοέμβριον εις Χαρτούμ, όπου θα εξετασθούν τα μέτρα τα οποία θα ληφθούν εις περίπτωσιν αποτυχίας των διαπραγματεύσεων. Η ΚΙΝΗΣΙΣ ΤΟΥ ΛΙΜΕΝΟΣ ΝΕΑ ΥΟΡΚΗ, 7. (Ασ. Πρές). — Η γενική συνέλευσις των Ηνωμένων Εθνών συγκαλείται εκ νέου διά να επιληφθή της εξετάσεως του προβλήματος της Μέσης Ανατολής. Κατά πληροφορίας εκ διπλωματικών κύκλων, αι αραβικαί χώραι ζητούν την αποχώρησιν των ισραηλινών δυνάμεων από τα κατεχόμενα εδάφη. Νέα συνδιάσκεψις των Αράβων ηγετών επρογραμματίσθη διά τον Νοέμβριον εις Χαρτούμ, όπου θα εξετασθούν τα μέτρα τα οποία θα ληφθούν εις περίπτωσιν αποτυχίας των διαπραγματεύσεων. ΑΙ ΑΝΑΓΚΑΙ ΤΟΥ ΕΡΥΘΡΟΥ ΣΤΑΥΡΟΥ ΝΕΑ ΥΟΡΚΗ, 7. (Ασ. Πρές). — Η γενική συνέλευσις των Ηνωμένων Εθνών συγκαλείται εκ νέου διά να επιληφθή της εξετάσεως του προβλήματος της Μέσης Ανατολής. Κατά πληροφορίας εκ διπλωματικών κύκλων, αι αραβικαί χώραι ζητούν την αποχώρησιν των ισραηλινών δυνάμεων από τα κατεχόμενα εδάφη. Νέα συνδιάσκεψις των Αράβων ηγετών επρογραμματίσθη διά τον Νοέμβριον εις Χαρτούμ, όπου θα εξετασθούν τα μέτρα τα οποία θα ληφθούν εις περίπτωσιν αποτυχίας των διαπραγματεύσεων.	ΑΠΟΛΥΣΙΣ ΡΑΣΣΕΑ ΝΕΑ ΥΟΡΚΗ, 7. (Ασ. Πρές). — Η γενική συνέλευσις των Ηνωμένων Εθνών συγκαλείται εκ νέου διά να επιληφθή της εξετάσεως του προβλήματος της Μέσης Ανατολής. Κατά πληροφορίας εκ διπλωματικών κύκλων, αι αραβικαί χώραι ζητούν την αποχώρησιν των ισραηλινών δυνάμεων από τα κατεχόμενα εδάφη. Νέα συνδιάσκεψις των Αράβων ηγετών επρογραμματίσθη διά τον Νοέμβριον εις Χαρτούμ, όπου θα εξετασθούν τα μέτρα τα οποία θα ληφθούν εις περίπτωσιν αποτυχίας των διαπραγματεύσεων. ΟΙ ΣΟΥΕΤΙΚΟΙ ΤΑΝΚΣ ΝΕΑ ΥΟΡΚΗ, 7. (Ασ. Πρές). — Η γενική συνέλευσις των Ηνωμένων Εθνών συγκαλείται εκ νέου διά να επιληφθή της εξετάσεως του προβλήματος της Μέσης Ανατολής. Κατά πληροφορίας εκ διπλωματικών κύκλων, αι αραβικαί χώραι ζητούν την αποχώρησιν των ισραηλινών δυνάμεων από τα κατεχόμενα εδάφη. Νέα συνδιάσκεψις των Αράβων ηγετών επρογραμματίσθη διά τον Νοέμβριον εις Χαρτούμ, όπου θα εξετασθούν τα μέτρα τα οποία θα ληφθούν εις περίπτωσιν αποτυχίας των διαπραγματεύσεων.
ΑΙ ΣΥΝΟΜΙΛΙΑΙ ΤΩΝ Κ. Κ. ΚΟΛΛΙΑ ΚΑΙ ΝΤΕΜΙΡΕΛ ΑΡΧΙΖΟΥΝ ΑΥΡΙΟΝ ΤΟ ΜΕΣΗΜΕΡΙ ΕΙΣ ΤΗΝ ΚΕΣΑΝ
ΚΕΣΑΝ, Τουρκία, 7. (Ρώυτερ). — Αι συνομιλίαι του πρωθυπουργού κ. Κόλλια και του Τούρκου πρωθυπουργού κ. Ντεμιρέλ αρχίζουν αύριον το μεσημέρι εις την πόλιν Κεσάν. Κατά τας πληροφορίας, θα εξετασθούν το Κυπριακόν ζήτημα και αι ελληνοτουρκικαί σχέσεις. Αι προετοιμασίαι εις αμφοτέρας τας πόλεις έχουν ολοκληρωθή και αι αρχαί έλαβον δρακόντεια μέτρα ασφαλείας. Η ελληνική αντιπροσωπεία θα αναχωρήση εκ της Αλεξανδρουπόλεως την πρωίαν. ΑΙ ΠΡΟΕΤΟΙΜΑΣΙΑΙ ΚΕΣΑΝ, Τουρκία, 7. (Ρώυτερ). — Αι συνομιλίαι του πρωθυπουργού κ. Κόλλια και του Τούρκου πρωθυπουργού κ. Ντεμιρέλ αρχίζουν αύριον το μεσημέρι εις την πόλιν Κεσάν. Κατά τας πληροφορίας, θα εξετασθούν το Κυπριακόν ζήτημα και αι ελληνοτουρκικαί σχέσεις. Αι προετοιμασίαι εις αμφοτέρας τας πόλεις έχουν ολοκληρωθή και αι αρχαί έλαβον δρακόντεια μέτρα ασφαλείας. Η ελληνική αντιπροσωπεία θα αναχωρήση εκ της Αλεξανδρουπόλεως την πρωίαν. ΚΕΣΑΝ, Τουρκία, 7. (Ρώυτερ). — Αι συνομιλίαι του πρωθυπουργού κ. Κόλλια και του Τούρκου πρωθυπουργού κ. Ντεμιρέλ αρχίζουν αύριον το μεσημέρι εις την πόλιν Κεσάν. Κατά τας πληροφορίας, θα εξετασθούν το Κυπριακόν ζήτημα και αι ελληνοτουρκικαί σχέσεις. Αι προετοιμασίαι εις αμφοτέρας τας πόλεις έχουν ολοκληρωθή και αι αρχαί έλαβον δρακόντεια μέτρα ασφαλείας. Η ελληνική αντιπροσωπεία θα αναχωρήση εκ της Αλεξανδρουπόλεως την πρωίαν.
ΔΡΑΣΤΙΚΑ ΜΕΤΡΑ ΕΛΕΓΧΟΥ ΤΩΝ ΓΕΝΝΗΣΕΩΝ ΣΥΝΙΣΤΑ ΕΙΔΙΚΟΣ ΕΙΣ ΤΑΣ ΑΡΧΑΣ ΤΗΣ ΙΝΔΙΑΣ
ΝΕΟΝ ΔΕΛΧΙ, 7. (Ρώυτερ). — Ειδικός εις θέματα πληθυσμού συνιστά εις τας αρχάς της Ινδίας δραστικά μέτρα ελέγχου των γεννήσεων, διά να αντιμετωπισθή ο ταχύς ρυθμός αυξήσεως του πληθυσμού της χώρας. ΝΕΟΝ ΔΕΛΧΙ, 7. (Ρώυτερ). — Ειδικός εις θέματα πληθυσμού συνιστά εις τας αρχάς της Ινδίας δραστικά μέτρα ελέγχου των γεννήσεων, διά να αντιμετωπισθή ο ταχύς ρυθμός αυξήσεως του πληθυσμού της χώρας. ΝΕΟΝ ΔΕΛΧΙ, 7. (Ρώυτερ). — Ειδικός εις θέματα πληθυσμού συνιστά εις τας αρχάς της Ινδίας δραστικά μέτρα ελέγχου των γεννήσεων, διά να αντιμετωπισθή ο ταχύς ρυθμός αυξήσεως του πληθυσμού της χώρας.
ΧΙΛΙΑΔΕΣ ΕΡΓΑΤΩΝ ΤΗΣ ΕΤΑΙΡΕΙΑΣ "ΦΟΡΝΤ" ΕΚΗΡΥΞΑΝ ΑΠΕΡΓΙΑΝ ΜΑΚΡΑΣ ΔΙΑΡΚΕΙΑΣ
ΝΤΗΤΡΟΪΤ, 7. (Ρώυτερ). — Χιλιάδες εργατών της εταιρείας Φόρντ εκήρυξαν απεργίαν μακράς διαρκείας, μετά την αποτυχίαν των διαπραγματεύσεων διά την νέαν συλλογικήν σύμβασιν εργασίας. Η απεργία αφορά εργοστάσια εις πλείστας πολιτείας. ΝΤΗΤΡΟΪΤ, 7. (Ρώυτερ). — Χιλιάδες εργατών της εταιρείας Φόρντ εκήρυξαν απεργίαν μακράς διαρκείας, μετά την αποτυχίαν των διαπραγματεύσεων διά την νέαν συλλογικήν σύμβασιν εργασίας. Η απεργία αφορά εργοστάσια εις πλείστας πολιτείας.
Οί έρυθροφρουροί έθεσαν ύπό τόν έλεγχόν των τήν πόλιν τής Καντώνος
ΑΛΛΑ ΑΙ ΜΑΧΑΙ ΣΥΝΕΧΙΖΟΝΤΑΙ ΕΙΣ ΠΛΕΙΣΤΑ ΠΡΟΑΣΤΙΑ ΤΗΣ
ΧΟΝΓΚ ΚΟΝΓΚ, 7. (Ρώυτερ). — Κατά πληροφορίας εκ της Κίνας, οι ερυθροφρουροί έθεσαν υπό τον έλεγχόν των την πόλιν της Καντώνος μετά πολυημέρους μάχας. Εν τούτοις αι μάχαι συνεχίζονται εις πλείστα προάστια της πόλεως και εις τας πέριξ περιοχάς. Ταξιδιώται αφιχθέντες εις Χονγκ Κονγκ αναφέρουν ότι εις τους δρόμους της πόλεως παρατηρούνται πτώματα και ότι η κυκλοφορία έχει διακοπή. ΣΥΝΑΝΤΗΣΙΣ ΤΟΥ ΣΕΑΤΟ ΧΟΝΓΚ ΚΟΝΓΚ, 7. (Ρώυτερ). — Κατά πληροφορίας εκ της Κίνας, οι ερυθροφρουροί έθεσαν υπό τον έλεγχόν των την πόλιν της Καντώνος μετά πολυημέρους μάχας. Εν τούτοις αι μάχαι συνεχίζονται εις πλείστα προάστια της πόλεως και εις τας πέριξ περιοχάς. Ταξιδιώται αφιχθέντες εις Χονγκ Κονγκ αναφέρουν ότι εις τους δρόμους της πόλεως παρατηρούνται πτώματα και ότι η κυκλοφορία έχει διακοπή. ΣΥΝΕΔΡΙΟΝ ΤΟ ΔΗΜΑΡΧΟΣ	ΧΟΝΓΚ ΚΟΝΓΚ, 7. (Ρώυτερ). — Κατά πληροφορίας εκ της Κίνας, οι ερυθροφρουροί έθεσαν υπό τον έλεγχόν των την πόλιν της Καντώνος μετά πολυημέρους μάχας. Εν τούτοις αι μάχαι συνεχίζονται εις πλείστα προάστια της πόλεως και εις τας πέριξ περιοχάς. Ταξιδιώται αφιχθέντες εις Χονγκ Κονγκ αναφέρουν ότι εις τους δρόμους της πόλεως παρατηρούνται πτώματα και ότι η κυκλοφορία έχει διακοπή.
ΑΚΥΡΩΣΙΝ ΤΩΝ ΕΚΛΟΓΩΝ ΤΟΥ ΝΟΤ. ΒΙΕΤΝΑΜ ΖΗΤΟΥΝ ΟΙ ΑΝΤΙΠΑΛΟΙ ΤΟΥ ΤΙΕΟΥ ΚΑΙ ΚΗ ΕΠΙΚΑΛΟΥΜΕΝΟΙ ΑΝΩΜΑΛΙΑΣ ΚΑΙ ΠΑΡΑΒΑΣΕΙΣ
ΣΑΪΓΚΟΝ, 7. (Ασσ. Πρές). — Αί συγκρούσεις των Αμερικανών πεζοναυτών και των βορειοβιετναμικών δυνάμεων εις την αποστρατιωτικοποιημένην ζώνην συνεχίζονται μετά πρωτοφανούς σφοδρότητος. Κατά τάς ανακοινώσεις του αμερικανικού στρατηγείου αί απώλειαι του εχθρού είναι βαρύταται, ενώ σημαντικαί είναι και αί απώλειαι των πεζοναυτών. Αμερικανικά αεροσκάφη εβομβάρδισαν θέσεις πυροβολικού βορείως της ζώνης. Εν τω μεταξύ εις Ουάσιγκτων ανακοινώθησαν νέαι προτάσεις διά την επίτευξιν ειρήνης εις το Βιετνάμ, αί οποίαι προβλέπουν την διακοπήν των βομβαρδισμών υπό ωρισμένους όρους και την έναρξιν διαπραγματεύσεων. Ο πρόεδρος Τζόνσον εδήλωσεν ότι αί Ηνωμέναι Πολιτείαι είναι έτοιμοι να συζητήσουν οποτεδήποτε. ΣΑΪΓΚΟΝ, 7. (Ασσ. Πρές). — Αί συγκρούσεις των Αμερικανών πεζοναυτών και των βορειοβιετναμικών δυνάμεων εις την αποστρατιωτικοποιημένην ζώνην συνεχίζονται μετά πρωτοφανούς σφοδρότητος. Κατά τάς ανακοινώσεις του αμερικανικού στρατηγείου αί απώλειαι του εχθρού είναι βαρύταται, ενώ σημαντικαί είναι και αί απώλειαι των πεζοναυτών. Αμερικανικά αεροσκάφη εβομβάρδισαν θέσεις πυροβολικού βορείως της ζώνης. Εν τω μεταξύ εις Ουάσιγκτων ανακοινώθησαν νέαι προτάσεις διά την επίτευξιν ειρήνης εις το Βιετνάμ, αί οποίαι προβλέπουν την διακοπήν των βομβαρδισμών υπό ωρισμένους όρους και την έναρξιν διαπραγματεύσεων. Ο πρόεδρος Τζόνσον εδήλωσεν ότι αί Ηνωμέναι Πολιτείαι είναι έτοιμοι να συζητήσουν οποτεδήποτε. ΣΑΪΓΚΟΝ, 7. (Ασσ. Πρές). — Αί συγκρούσεις των Αμερικανών πεζοναυτών και των βορειοβιετναμικών δυνάμεων εις την αποστρατιωτικοποιημένην ζώνην συνεχίζονται μετά πρωτοφανούς σφοδρότητος. Κατά τάς ανακοινώσεις του αμερικανικού στρατηγείου αί απώλειαι του εχθρού είναι βαρύταται, ενώ σημαντικαί είναι και αί απώλειαι των πεζοναυτών. Αμερικανικά αεροσκάφη εβομβάρδισαν θέσεις πυροβολικού βορείως της ζώνης. Εν τω μεταξύ εις Ουάσιγκτων ανακοινώθησαν νέαι προτάσεις διά την επίτευξιν ειρήνης εις το Βιετνάμ, αί οποίαι προβλέπουν την διακοπήν των βομβαρδισμών υπό ωρισμένους όρους και την έναρξιν διαπραγματεύσεων. Ο πρόεδρος Τζόνσον εδήλωσεν ότι αί Ηνωμέναι Πολιτείαι είναι έτοιμοι να συζητήσουν οποτεδήποτε.
ΙΣΧΥΡΑΙ ΔΥΝΑΜΕΙΣ ΤΗΣ ΝΟΤΙΟΥ ΑΡΑΒΙΑΣ ΔΙΕΒΗΣΑΝ ΤΗΝ ΜΕΘΟΡΙΟΝ ΤΗΣ ΥΕΜΕΝΗΣ ΚΑΙ ΕΠΕΤΕΘΗΣΑΝ ΕΝΑΝΤΙΟΝ ΤΩΝ ΑΝΤΑΡΤΩΝ
ΑΝΤΕΝ, 7. (Ασ. Πρές). — Ισχυραί δυνάμεις της Νοτίου Αραβίας διέβησαν την μεθόριον της Υεμένης και επετέθησαν εναντίον των ανταρτών. Κατά τας πληροφορίας, αι μάχαι είναι σφοδραί και αι απώλειαι σημαντικαί. ΑΝΤΕΝ, 7. (Ασ. Πρές). — Ισχυραί δυνάμεις της Νοτίου Αραβίας διέβησαν την μεθόριον της Υεμένης και επετέθησαν εναντίον των ανταρτών. Κατά τας πληροφορίας, αι μάχαι είναι σφοδραί και αι απώλειαι σημαντικαί. ΑΝΤΕΝ, 7. (Ασ. Πρές). — Ισχυραί δυνάμεις της Νοτίου Αραβίας διέβησαν την μεθόριον της Υεμένης και επετέθησαν εναντίον των ανταρτών. Κατά τας πληροφορίας, αι μάχαι είναι σφοδραί και αι απώλειαι σημαντικαί. ΝΕΑ ΥΟΡΚΗ, 7. (Ασ. Πρές). — Η γενική συνέλευσις των Ηνωμένων Εθνών συγκαλείται εκ νέου διά να επιληφθή της εξετάσεως του προβλήματος της Μέσης Ανατολής. Κατά πληροφορίας εκ διπλωματικών κύκλων, αι αραβικαί χώραι ζητούν την αποχώρησιν των ισραηλινών δυνάμεων από τα κατεχόμενα εδάφη. Νέα συνδιάσκεψις των Αράβων ηγετών επρογραμματίσθη διά τον Νοέμβριον εις Χαρτούμ, όπου θα εξετασθούν τα μέτρα τα οποία θα ληφθούν εις περίπτωσιν αποτυχίας των διαπραγματεύσεων. ΑΝΤΕΝ, 7. (Ασ. Πρές). — Ισχυραί δυνάμεις της Νοτίου Αραβίας διέβησαν την μεθόριον της Υεμένης και επετέθησαν εναντίον των ανταρτών. Κατά τας πληροφορίας, αι μάχαι είναι σφοδραί και αι απώλειαι σημαντικαί.
ΕΞΑΙΡΕΤΑΙ ΥΠΟ ΟΛΛΑΝΔΙΚΗΣ ΕΦΗΜΕΡΙΔΟΣ Η ΟΙΚΟΝΟΜΙΚΗ ΣΤΑΘΕΡΟΤΗΣ ΕΙΣ ΤΗΝ ΕΛΛΑΔΑ
ΑΜΣΤΕΡΝΤΑΜ, 7. (Αθην. Πρακτ.). — Ολλανδική εφημερίς εξαίρει την οικονομικήν σταθερότητα εις την Ελλάδα και τας προόδους που σημειώνονται εις τους τομείς του τουρισμού και της βιομηχανίας. ΑΜΣΤΕΡΝΤΑΜ, 7. (Αθην. Πρακτ.). — Ολλανδική εφημερίς εξαίρει την οικονομικήν σταθερότητα εις την Ελλάδα και τας προόδους που σημειώνονται εις τους τομείς του τουρισμού και της βιομηχανίας. ΑΜΣΤΕΡΝΤΑΜ, 7. (Αθην. Πρακτ.). — Ολλανδική εφημερίς εξαίρει την οικονομικήν σταθερότητα εις την Ελλάδα και τας προόδους που σημειώνονται εις τους τομείς του τουρισμού και της βιομηχανίας. ΠΑΡΙΣΙΟΙ, 7. (Ανδρ.). — Ο γνωστός Γάλλος ακαδημαϊκός, ο οποίος επεσκέφθη προσφάτως την Ελλάδα, εξαίρει εις άρθρον του τα μέτρα ενισχύσεως των εργαζομένων και τας προσπαθείας της κυβερνήσεως διά την βελτίωσιν του βιοτικού επιπέδου. Αναφέρει ότι κατά την περιοδείαν του διεπίστωσε την ησυχίαν και την τάξιν που επικρατεί εις όλας τας περιοχάς της χώρας.
Η ΒΑΡΣΟΒΙΑ ΕΠΙΚΡΙΝΕΙ ΤΟΝ ΝΤΕ ΓΚΩΛ ΤΗΝ ΣΥΓΚΛΗΣΙΝ ΕΥΡΩΠΑΪΚΗΣ ΔΙΑΣΚΕΨΕΩΣ
ΣΥΝΕΧΕΙΑ ΕΚ ΤΗΣ 1ΗΣ ΣΕΛ. ΒΑΡΣΟΒΙΑ, 7. (Ρώυτερ). — Η επίσημος εφημερίς επικρίνει τον Πρόεδρον Ντε Γκωλ διά την πρότασίν του περί συγκλήσεως ευρωπαϊκής διασκέψεως. Αναφέρει ότι αι προτάσεις του δεν λαμβάνουν υπ' όψιν την πραγματικότητα της μεταπολεμικής Ευρώπης. ΒΑΡΣΟΒΙΑ, 7. (Ρώυτερ). — Η επίσημος εφημερίς επικρίνει τον Πρόεδρον Ντε Γκωλ διά την πρότασίν του περί συγκλήσεως ευρωπαϊκής διασκέψεως. Αναφέρει ότι αι προτάσεις του δεν λαμβάνουν υπ' όψιν την πραγματικότητα της μεταπολεμικής Ευρώπης.
